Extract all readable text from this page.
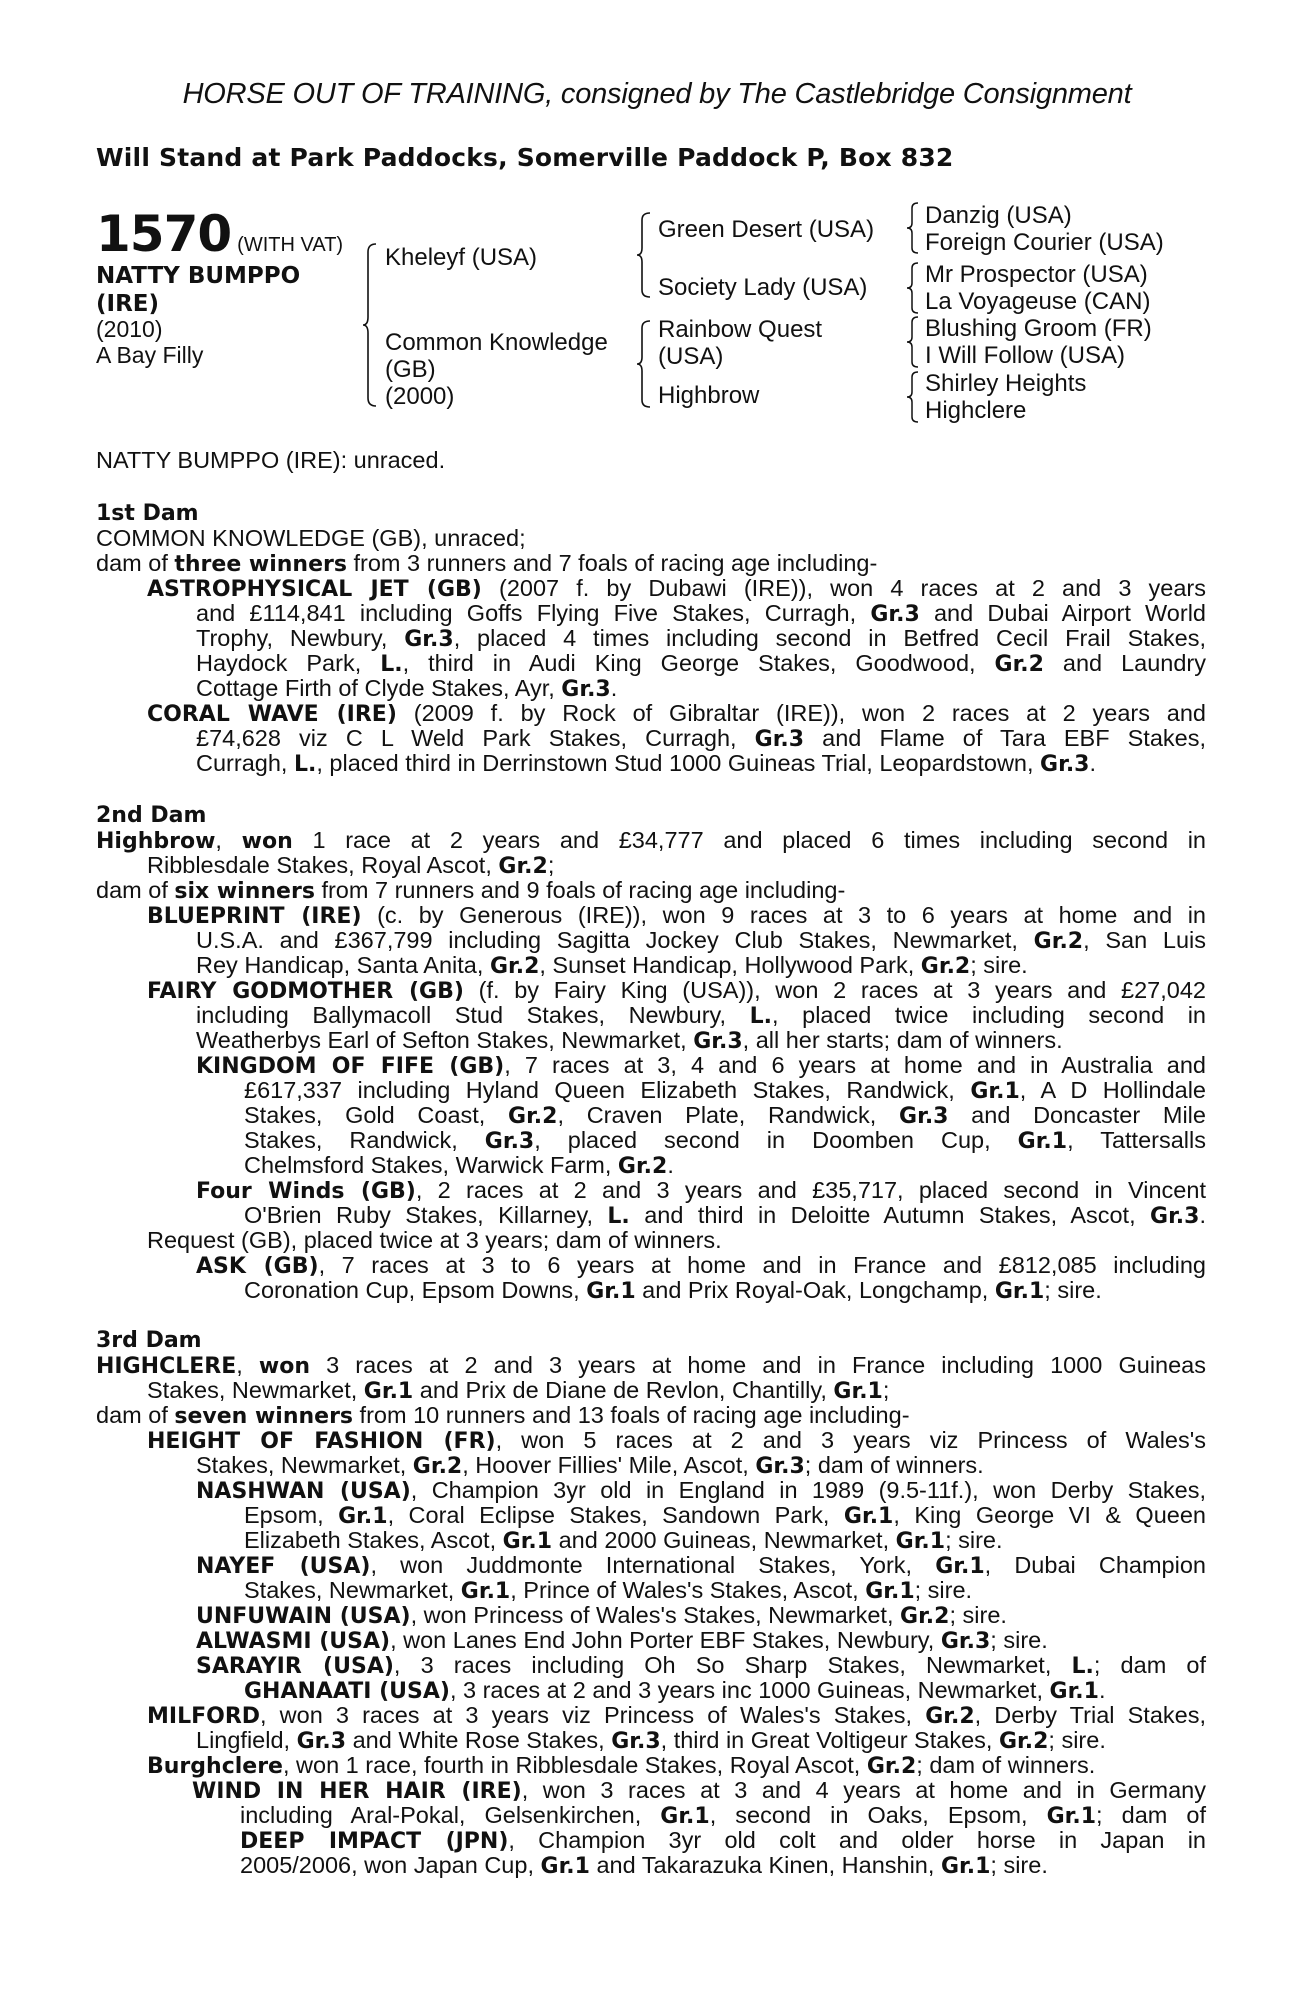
HORSE OUT OF TRAINING, consigned by The Castlebridge Consignment
Will Stand at Park Paddocks, Somerville Paddock P, Box 832
1570 (WITH VAT)
NATTY BUMPPO
(IRE)
(2010)
A Bay Filly
Kheleyf (USA)
Common Knowledge
(GB)
(2000)
Green Desert (USA)
Society Lady (USA)
Rainbow Quest
(USA)
Highbrow
Danzig (USA)
Foreign Courier (USA)
Mr Prospector (USA)
La Voyageuse (CAN)
Blushing Groom (FR)
I Will Follow (USA)
Shirley Heights
Highclere
NATTY BUMPPO (IRE): unraced.
1st Dam
COMMON KNOWLEDGE (GB), unraced;
dam of three winners from 3 runners and 7 foals of racing age including-
ASTROPHYSICAL JET (GB) (2007 f. by Dubawi (IRE)), won 4 races at 2 and 3 years
and £114,841 including Goffs Flying Five Stakes, Curragh, Gr.3 and Dubai Airport World
Trophy, Newbury, Gr.3, placed 4 times including second in Betfred Cecil Frail Stakes,
Haydock Park, L., third in Audi King George Stakes, Goodwood, Gr.2 and Laundry
Cottage Firth of Clyde Stakes, Ayr, Gr.3.
CORAL WAVE (IRE) (2009 f. by Rock of Gibraltar (IRE)), won 2 races at 2 years and
£74,628 viz C L Weld Park Stakes, Curragh, Gr.3 and Flame of Tara EBF Stakes,
Curragh, L., placed third in Derrinstown Stud 1000 Guineas Trial, Leopardstown, Gr.3.
2nd Dam
Highbrow, won 1 race at 2 years and £34,777 and placed 6 times including second in
Ribblesdale Stakes, Royal Ascot, Gr.2;
dam of six winners from 7 runners and 9 foals of racing age including-
BLUEPRINT (IRE) (c. by Generous (IRE)), won 9 races at 3 to 6 years at home and in
U.S.A. and £367,799 including Sagitta Jockey Club Stakes, Newmarket, Gr.2, San Luis
Rey Handicap, Santa Anita, Gr.2, Sunset Handicap, Hollywood Park, Gr.2; sire.
FAIRY GODMOTHER (GB) (f. by Fairy King (USA)), won 2 races at 3 years and £27,042
including Ballymacoll Stud Stakes, Newbury, L., placed twice including second in
Weatherbys Earl of Sefton Stakes, Newmarket, Gr.3, all her starts; dam of winners.
KINGDOM OF FIFE (GB), 7 races at 3, 4 and 6 years at home and in Australia and
£617,337 including Hyland Queen Elizabeth Stakes, Randwick, Gr.1, A D Hollindale
Stakes, Gold Coast, Gr.2, Craven Plate, Randwick, Gr.3 and Doncaster Mile
Stakes, Randwick, Gr.3, placed second in Doomben Cup, Gr.1, Tattersalls
Chelmsford Stakes, Warwick Farm, Gr.2.
Four Winds (GB), 2 races at 2 and 3 years and £35,717, placed second in Vincent
O'Brien Ruby Stakes, Killarney, L. and third in Deloitte Autumn Stakes, Ascot, Gr.3.
Request (GB), placed twice at 3 years; dam of winners.
ASK (GB), 7 races at 3 to 6 years at home and in France and £812,085 including
Coronation Cup, Epsom Downs, Gr.1 and Prix Royal-Oak, Longchamp, Gr.1; sire.
3rd Dam
HIGHCLERE, won 3 races at 2 and 3 years at home and in France including 1000 Guineas
Stakes, Newmarket, Gr.1 and Prix de Diane de Revlon, Chantilly, Gr.1;
dam of seven winners from 10 runners and 13 foals of racing age including-
HEIGHT OF FASHION (FR), won 5 races at 2 and 3 years viz Princess of Wales's
Stakes, Newmarket, Gr.2, Hoover Fillies' Mile, Ascot, Gr.3; dam of winners.
NASHWAN (USA), Champion 3yr old in England in 1989 (9.5-11f.), won Derby Stakes,
Epsom, Gr.1, Coral Eclipse Stakes, Sandown Park, Gr.1, King George VI & Queen
Elizabeth Stakes, Ascot, Gr.1 and 2000 Guineas, Newmarket, Gr.1; sire.
NAYEF (USA), won Juddmonte International Stakes, York, Gr.1, Dubai Champion
Stakes, Newmarket, Gr.1, Prince of Wales's Stakes, Ascot, Gr.1; sire.
UNFUWAIN (USA), won Princess of Wales's Stakes, Newmarket, Gr.2; sire.
ALWASMI (USA), won Lanes End John Porter EBF Stakes, Newbury, Gr.3; sire.
SARAYIR (USA), 3 races including Oh So Sharp Stakes, Newmarket, L.; dam of
GHANAATI (USA), 3 races at 2 and 3 years inc 1000 Guineas, Newmarket, Gr.1.
MILFORD, won 3 races at 3 years viz Princess of Wales's Stakes, Gr.2, Derby Trial Stakes,
Lingfield, Gr.3 and White Rose Stakes, Gr.3, third in Great Voltigeur Stakes, Gr.2; sire.
Burghclere, won 1 race, fourth in Ribblesdale Stakes, Royal Ascot, Gr.2; dam of winners.
WIND IN HER HAIR (IRE), won 3 races at 3 and 4 years at home and in Germany
including Aral-Pokal, Gelsenkirchen, Gr.1, second in Oaks, Epsom, Gr.1; dam of
DEEP IMPACT (JPN), Champion 3yr old colt and older horse in Japan in
2005/2006, won Japan Cup, Gr.1 and Takarazuka Kinen, Hanshin, Gr.1; sire.
